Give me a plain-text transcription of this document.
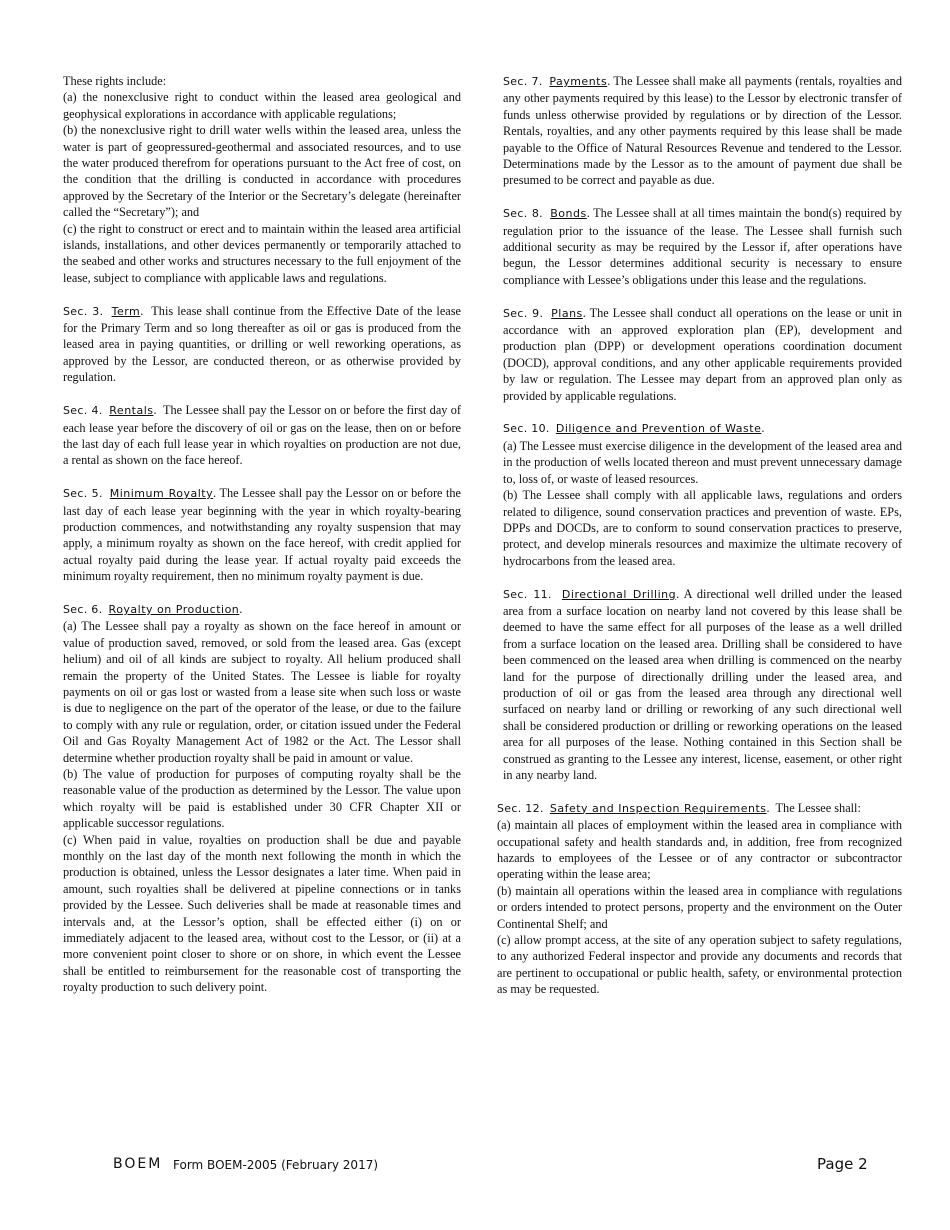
These rights include:

(a) the nonexclusive right to conduct within the leased area geological and geophysical explorations in accordance with applicable regulations;

(b) the nonexclusive right to drill water wells within the leased area, unless the water is part of geopressured-geothermal and associated resources, and to use the water produced therefrom for operations pursuant to the Act free of cost, on the condition that the drilling is conducted in accordance with procedures approved by the Secretary of the Interior or the Secretary’s delegate (hereinafter called the “Secretary”); and

(c) the right to construct or erect and to maintain within the leased area artificial islands, installations, and other devices permanently or temporarily attached to the seabed and other works and structures necessary to the full enjoyment of the lease, subject to compliance with applicable laws and regulations.

Sec. 3. Term.  This lease shall continue from the Effective Date of the lease for the Primary Term and so long thereafter as oil or gas is produced from the leased area in paying quantities, or drilling or well reworking operations, as approved by the Lessor, are conducted thereon, or as otherwise provided by regulation.

Sec. 4. Rentals.  The Lessee shall pay the Lessor on or before the first day of each lease year before the discovery of oil or gas on the lease, then on or before the last day of each full lease year in which royalties on production are not due, a rental as shown on the face hereof.

Sec. 5. Minimum Royalty. The Lessee shall pay the Lessor on or before the last day of each lease year beginning with the year in which royalty-bearing production commences, and notwithstanding any royalty suspension that may apply, a minimum royalty as shown on the face hereof, with credit applied for actual royalty paid during the lease year. If actual royalty paid exceeds the minimum royalty requirement, then no minimum royalty payment is due.

Sec. 6. Royalty on Production.

(a) The Lessee shall pay a royalty as shown on the face hereof in amount or value of production saved, removed, or sold from the leased area. Gas (except helium) and oil of all kinds are subject to royalty. All helium produced shall remain the property of the United States. The Lessee is liable for royalty payments on oil or gas lost or wasted from a lease site when such loss or waste is due to negligence on the part of the operator of the lease, or due to the failure to comply with any rule or regulation, order, or citation issued under the Federal Oil and Gas Royalty Management Act of 1982 or the Act. The Lessor shall determine whether production royalty shall be paid in amount or value.

(b) The value of production for purposes of computing royalty shall be the reasonable value of the production as determined by the Lessor. The value upon which royalty will be paid is established under 30 CFR Chapter XII or applicable successor regulations.

(c) When paid in value, royalties on production shall be due and payable monthly on the last day of the month next following the month in which the production is obtained, unless the Lessor designates a later time. When paid in amount, such royalties shall be delivered at pipeline connections or in tanks provided by the Lessee. Such deliveries shall be made at reasonable times and intervals and, at the Lessor’s option, shall be effected either (i) on or immediately adjacent to the leased area, without cost to the Lessor, or (ii) at a more convenient point closer to shore or on shore, in which event the Lessee shall be entitled to reimbursement for the reasonable cost of transporting the royalty production to such delivery point.

Sec. 7. Payments. The Lessee shall make all payments (rentals, royalties and any other payments required by this lease) to the Lessor by electronic transfer of funds unless otherwise provided by regulations or by direction of the Lessor. Rentals, royalties, and any other payments required by this lease shall be made payable to the Office of Natural Resources Revenue and tendered to the Lessor. Determinations made by the Lessor as to the amount of payment due shall be presumed to be correct and payable as due.

Sec. 8. Bonds. The Lessee shall at all times maintain the bond(s) required by regulation prior to the issuance of the lease. The Lessee shall furnish such additional security as may be required by the Lessor if, after operations have begun, the Lessor determines additional security is necessary to ensure compliance with Lessee’s obligations under this lease and the regulations.

Sec. 9. Plans. The Lessee shall conduct all operations on the lease or unit in accordance with an approved exploration plan (EP), development and production plan (DPP) or development operations coordination document (DOCD), approval conditions, and any other applicable requirements provided by law or regulation. The Lessee may depart from an approved plan only as provided by applicable regulations.

Sec. 10. Diligence and Prevention of Waste.

(a) The Lessee must exercise diligence in the development of the leased area and in the production of wells located thereon and must prevent unnecessary damage to, loss of, or waste of leased resources.

(b) The Lessee shall comply with all applicable laws, regulations and orders related to diligence, sound conservation practices and prevention of waste. EPs, DPPs and DOCDs, are to conform to sound conservation practices to preserve, protect, and develop minerals resources and maximize the ultimate recovery of hydrocarbons from the leased area.

Sec. 11. Directional Drilling. A directional well drilled under the leased area from a surface location on nearby land not covered by this lease shall be deemed to have the same effect for all purposes of the lease as a well drilled from a surface location on the leased area. Drilling shall be considered to have been commenced on the leased area when drilling is commenced on the nearby land for the purpose of directionally drilling under the leased area, and production of oil or gas from the leased area through any directional well surfaced on nearby land or drilling or reworking of any such directional well shall be considered production or drilling or reworking operations on the leased area for all purposes of the lease. Nothing contained in this Section shall be construed as granting to the Lessee any interest, license, easement, or other right in any nearby land.

Sec. 12. Safety and Inspection Requirements.  The Lessee shall:

(a) maintain all places of employment within the leased area in compliance with occupational safety and health standards and, in addition, free from recognized hazards to employees of the Lessee or of any contractor or subcontractor operating within the lease area;

(b) maintain all operations within the leased area in compliance with regulations or orders intended to protect persons, property and the environment on the Outer Continental Shelf; and

(c) allow prompt access, at the site of any operation subject to safety regulations, to any authorized Federal inspector and provide any documents and records that are pertinent to occupational or public health, safety, or environmental protection as may be requested.

BOEM Form BOEM-2005 (February 2017)	Page 2
